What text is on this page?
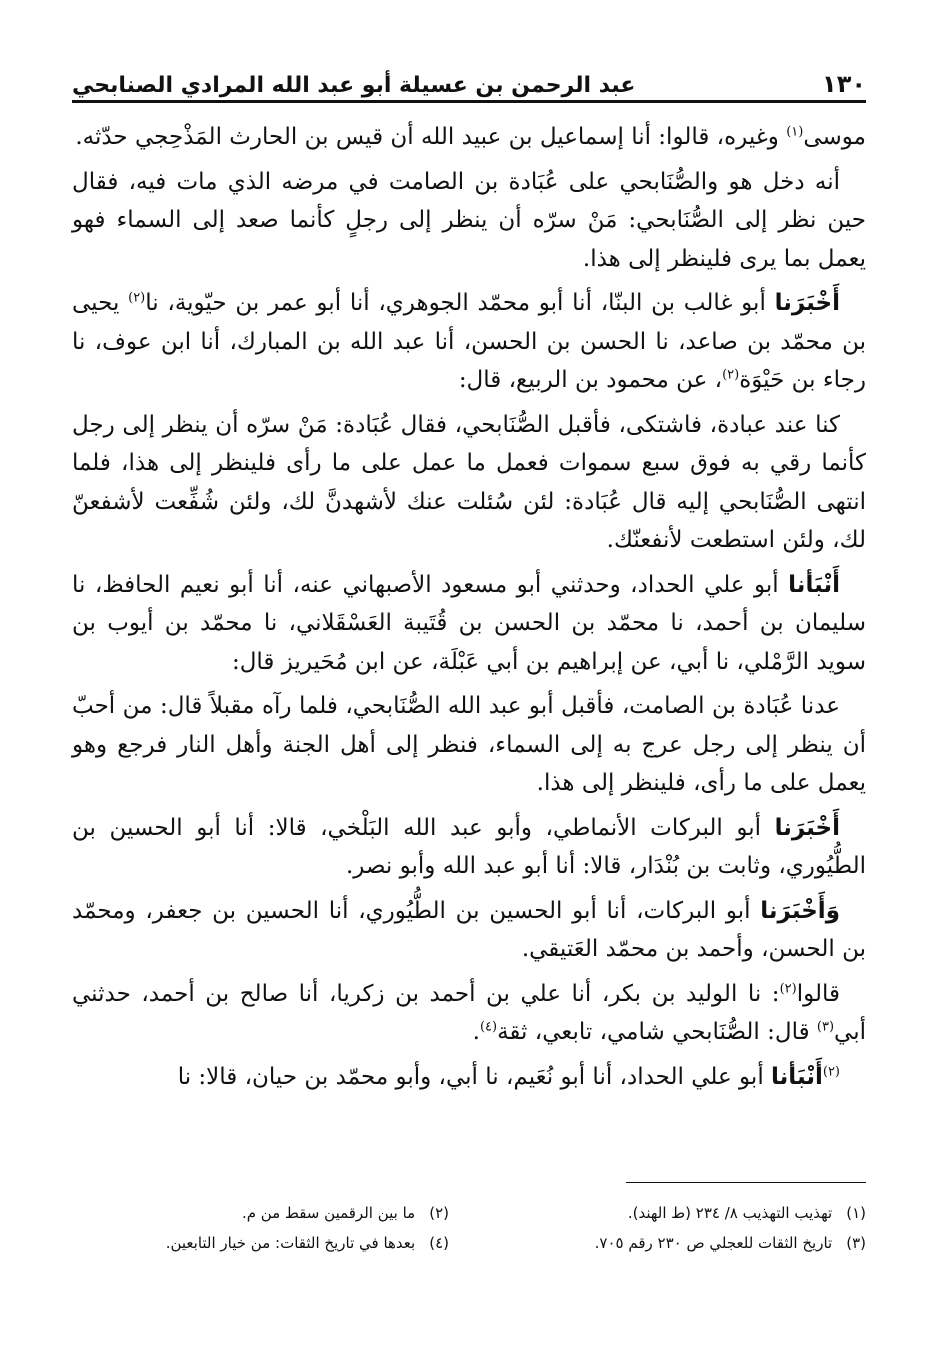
١٣٠
عبد الرحمن بن عسيلة أبو عبد الله المرادي الصنابحي

موسى$^{(١)}$ وغيره، قالوا: أنا إسماعيل بن عبيد الله أن قيس بن الحارث المَذْحِجي حدّثه.

أنه دخل هو والصُّنَابحي على عُبَادة بن الصامت في مرضه الذي مات فيه، فقال حين نظر إلى الصُّنَابحي: مَنْ سرّه أن ينظر إلى رجلٍ كأنما صعد إلى السماء فهو يعمل بما يرى فلينظر إلى هذا.

أَخْبَرَنا أبو غالب بن البنّا، أنا أبو محمّد الجوهري، أنا أبو عمر بن حيّوية، نا$^{(٢)}$ يحيى بن محمّد بن صاعد، نا الحسن بن الحسن، أنا عبد الله بن المبارك، أنا ابن عوف، نا رجاء بن حَيْوَة$^{(٢)}$، عن محمود بن الربيع، قال:

كنا عند عبادة، فاشتكى، فأقبل الصُّنَابحي، فقال عُبَادة: مَنْ سرّه أن ينظر إلى رجل كأنما رقي به فوق سبع سموات فعمل ما عمل على ما رأى فلينظر إلى هذا، فلما انتهى الصُّنَابحي إليه قال عُبَادة: لئن سُئلت عنك لأشهدنَّ لك، ولئن شُفِّعت لأشفعنّ لك، ولئن استطعت لأنفعنّك.

أَنْبَأنا أبو علي الحداد، وحدثني أبو مسعود الأصبهاني عنه، أنا أبو نعيم الحافظ، نا سليمان بن أحمد، نا محمّد بن الحسن بن قُتَيبة العَسْقَلاني، نا محمّد بن أيوب بن سويد الرَّمْلي، نا أبي، عن إبراهيم بن أبي عَبْلَة، عن ابن مُحَيريز قال:

عدنا عُبَادة بن الصامت، فأقبل أبو عبد الله الصُّنَابحي، فلما رآه مقبلاً قال: من أحبّ أن ينظر إلى رجل عرج به إلى السماء، فنظر إلى أهل الجنة وأهل النار فرجع وهو يعمل على ما رأى، فلينظر إلى هذا.

أَخْبَرَنا أبو البركات الأنماطي، وأبو عبد الله البَلْخي، قالا: أنا أبو الحسين بن الطُّيُوري، وثابت بن بُنْدَار، قالا: أنا أبو عبد الله وأبو نصر.

وَأَخْبَرَنا أبو البركات، أنا أبو الحسين بن الطُّيُوري، أنا الحسين بن جعفر، ومحمّد بن الحسن، وأحمد بن محمّد العَتيقي.

قالوا$^{(٢)}$: نا الوليد بن بكر، أنا علي بن أحمد بن زكريا، أنا صالح بن أحمد، حدثني أبي$^{(٣)}$ قال: الصُّنَابحي شامي، تابعي، ثقة$^{(٤)}$.

$^{(٢)}$أَنْبَأنا أبو علي الحداد، أنا أبو نُعَيم، نا أبي، وأبو محمّد بن حيان، قالا: نا

(١)تهذيب التهذيب ٨/ ٢٣٤ (ط الهند).
(٢)ما بين الرقمين سقط من م.
(٣)تاريخ الثقات للعجلي ص ٢٣٠ رقم ٧٠٥.
(٤)بعدها في تاريخ الثقات: من خيار التابعين.
